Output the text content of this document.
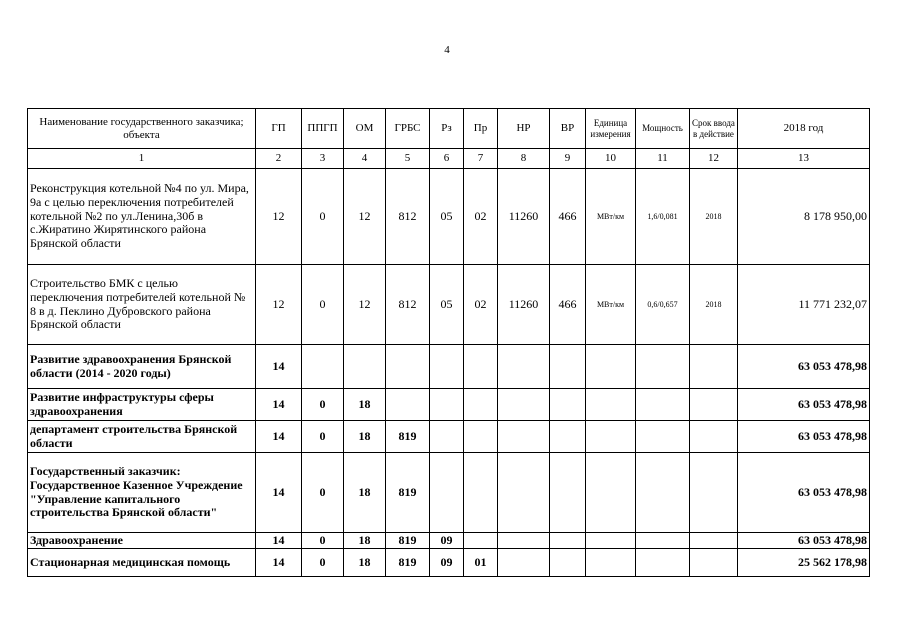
4
Наименование государственного заказчика; объекта	ГП	ППГП	ОМ	ГРБС	Рз	Пр	НР	ВР	Единица измерения	Мощность	Срок ввода в действие	2018 год
1	2	3	4	5	6	7	8	9	10	11	12	13
Реконструкция котельной №4 по ул. Мира, 9а с целью переключения потребителей котельной №2 по ул.Ленина,30б в с.Жиратино Жирятинского района Брянской области	12	0	12	812	05	02	11260	466	МВт/км	1,6/0,081	2018	8 178 950,00
Строительство БМК с целью переключения потребителей котельной № 8 в д. Пеклино Дубровского района Брянской области	12	0	12	812	05	02	11260	466	МВт/км	0,6/0,657	2018	11 771 232,07
Развитие здравоохранения Брянской области (2014 - 2020 годы)	14											63 053 478,98
Развитие инфраструктуры сферы здравоохранения	14	0	18									63 053 478,98
департамент строительства Брянской области	14	0	18	819								63 053 478,98
Государственный заказчик: Государственное Казенное Учреждение "Управление капитального строительства Брянской области"	14	0	18	819								63 053 478,98
Здравоохранение	14	0	18	819	09							63 053 478,98
Стационарная медицинская помощь	14	0	18	819	09	01						25 562 178,98
